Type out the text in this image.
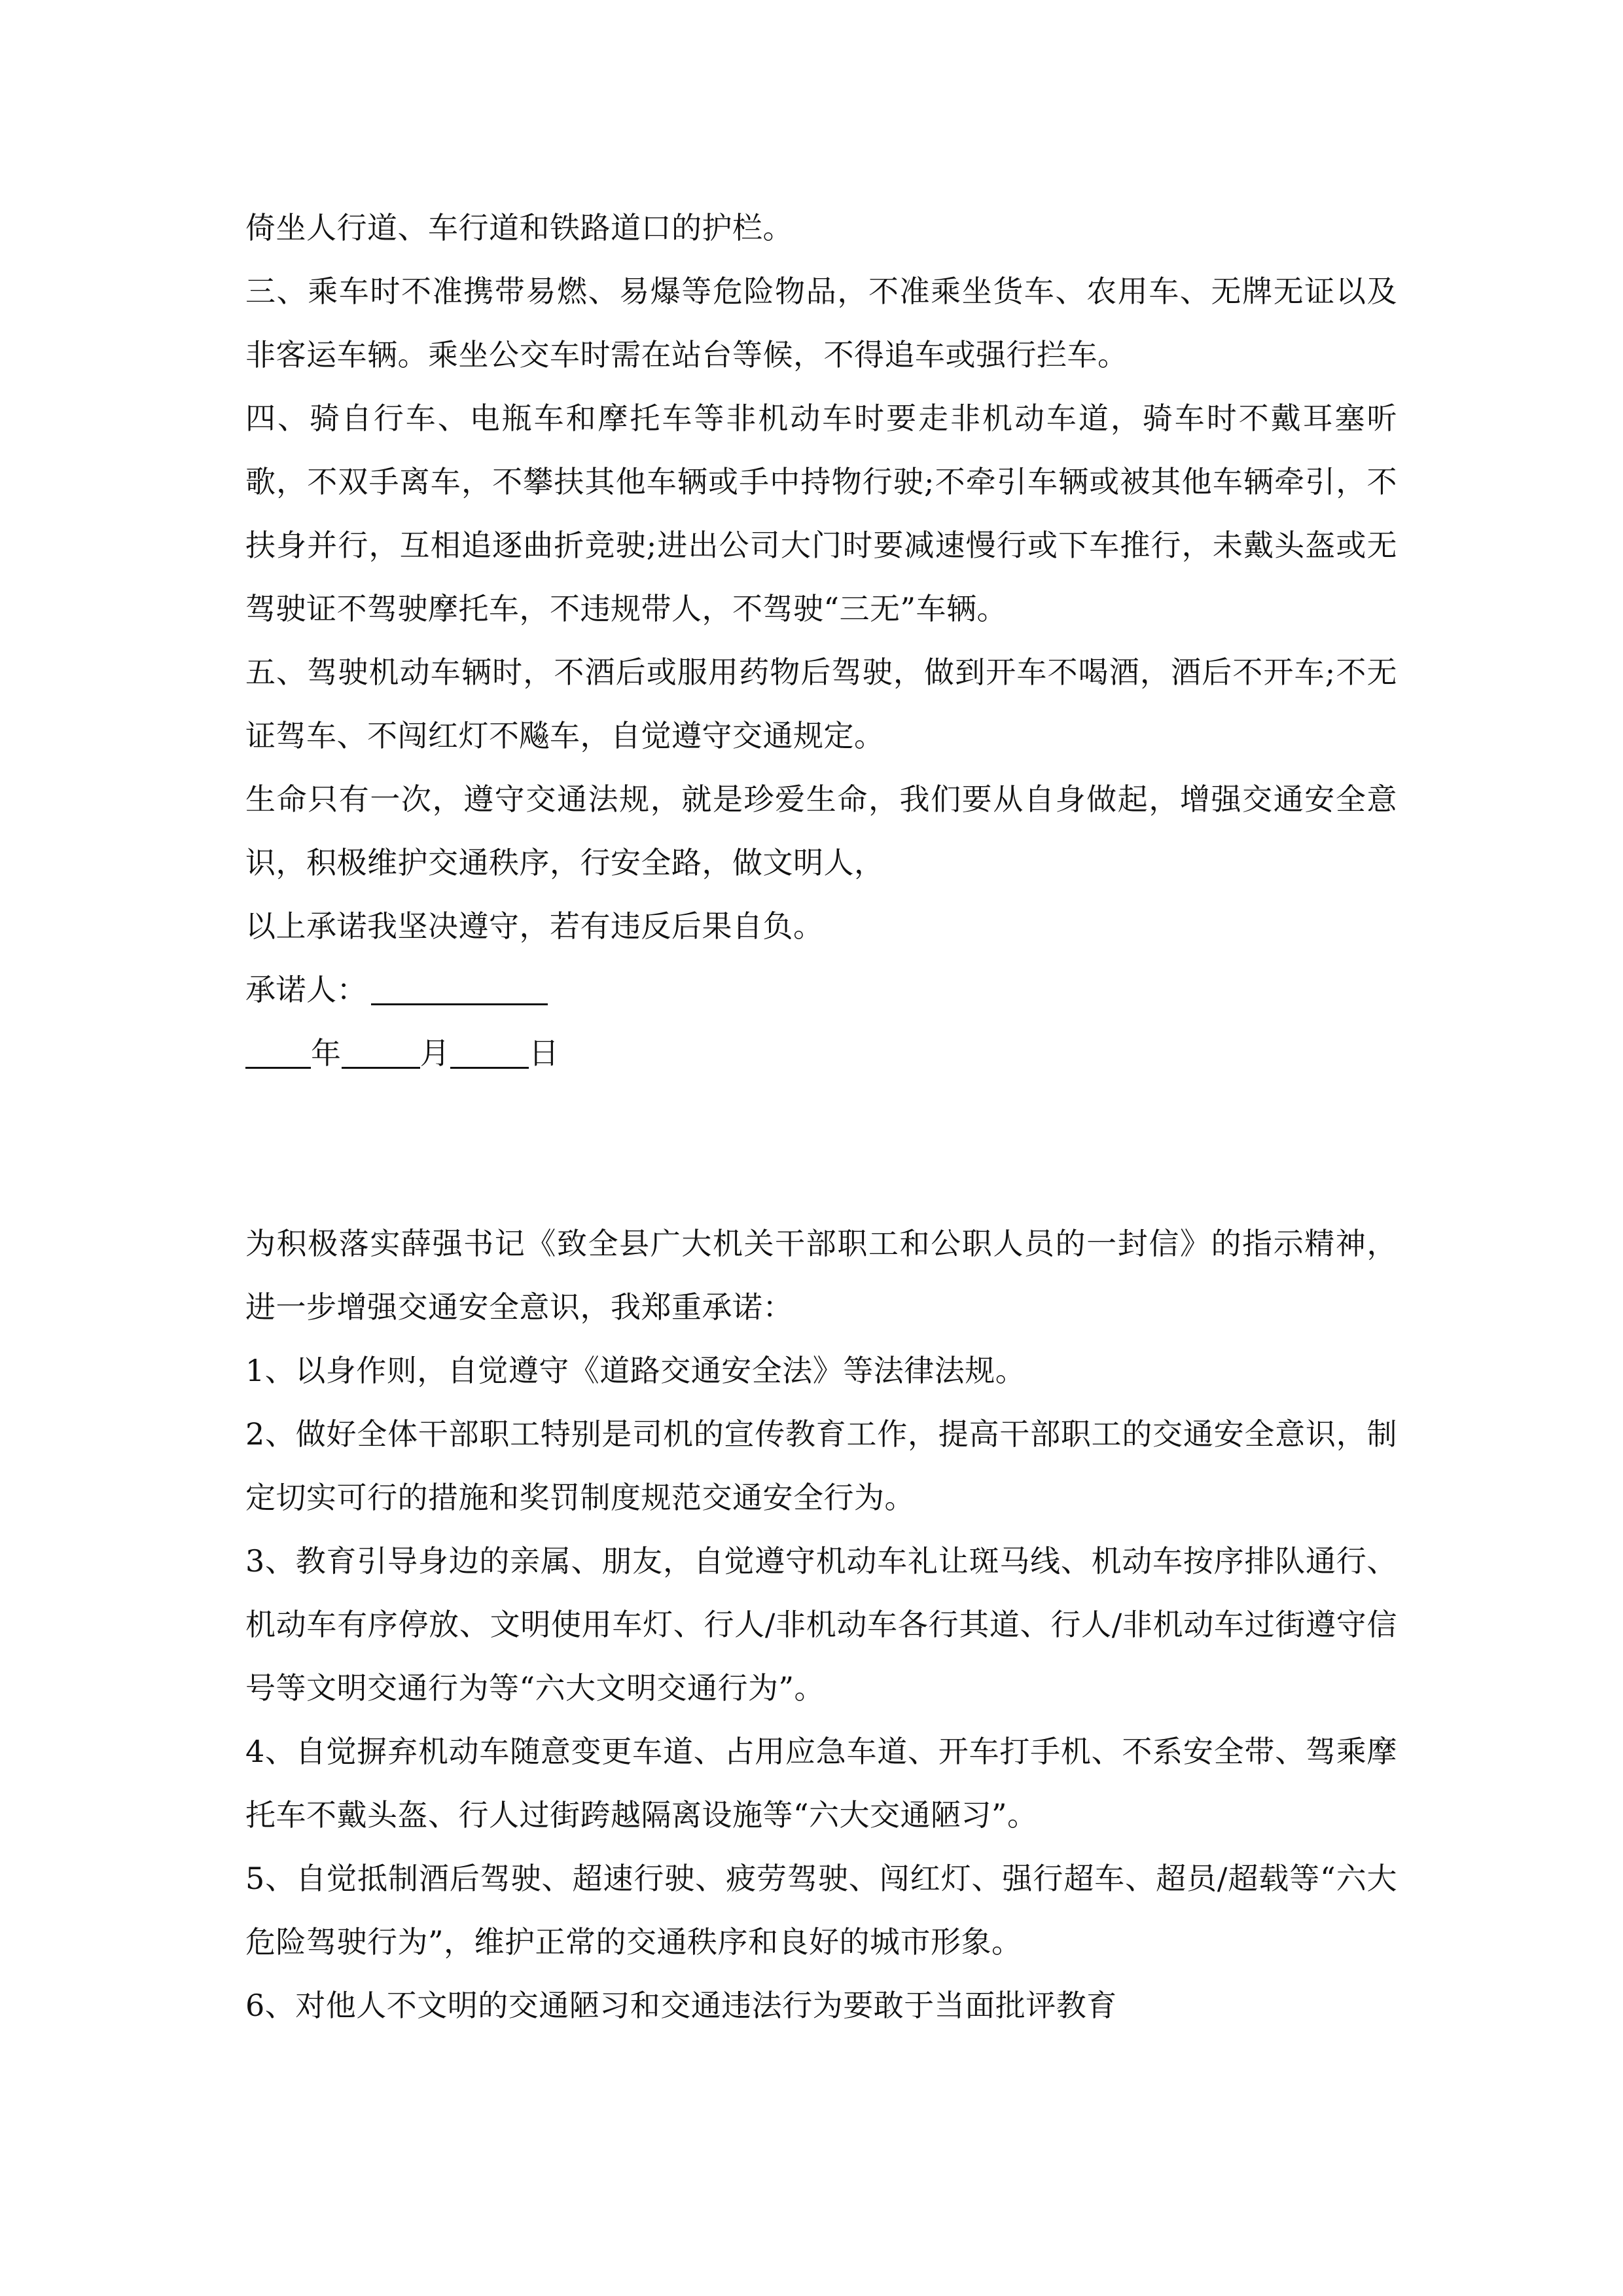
倚坐人行道、车行道和铁路道口的护栏。

三、乘车时不准携带易燃、易爆等危险物品，不准乘坐货车、农用车、无牌无证以及非客运车辆。乘坐公交车时需在站台等候，不得追车或强行拦车。

四、骑自行车、电瓶车和摩托车等非机动车时要走非机动车道，骑车时不戴耳塞听歌，不双手离车，不攀扶其他车辆或手中持物行驶;不牵引车辆或被其他车辆牵引，不扶身并行，互相追逐曲折竞驶;进出公司大门时要减速慢行或下车推行，未戴头盔或无驾驶证不驾驶摩托车，不违规带人，不驾驶“三无”车辆。

五、驾驶机动车辆时，不酒后或服用药物后驾驶，做到开车不喝酒，酒后不开车;不无证驾车、不闯红灯不飚车，自觉遵守交通规定。

生命只有一次，遵守交通法规，就是珍爱生命，我们要从自身做起，增强交通安全意识，积极维护交通秩序，行安全路，做文明人，

以上承诺我坚决遵守，若有违反后果自负。

承诺人：

年	月	日

为积极落实薛强书记《致全县广大机关干部职工和公职人员的一封信》的指示精神，进一步增强交通安全意识，我郑重承诺：

1、以身作则，自觉遵守《道路交通安全法》等法律法规。

2、做好全体干部职工特别是司机的宣传教育工作，提高干部职工的交通安全意识，制定切实可行的措施和奖罚制度规范交通安全行为。

3、教育引导身边的亲属、朋友，自觉遵守机动车礼让斑马线、机动车按序排队通行、机动车有序停放、文明使用车灯、行人/非机动车各行其道、行人/非机动车过街遵守信号等文明交通行为等“六大文明交通行为”。

4、自觉摒弃机动车随意变更车道、占用应急车道、开车打手机、不系安全带、驾乘摩托车不戴头盔、行人过街跨越隔离设施等“六大交通陋习”。

5、自觉抵制酒后驾驶、超速行驶、疲劳驾驶、闯红灯、强行超车、超员/超载等“六大危险驾驶行为”，维护正常的交通秩序和良好的城市形象。

6、对他人不文明的交通陋习和交通违法行为要敢于当面批评教育
